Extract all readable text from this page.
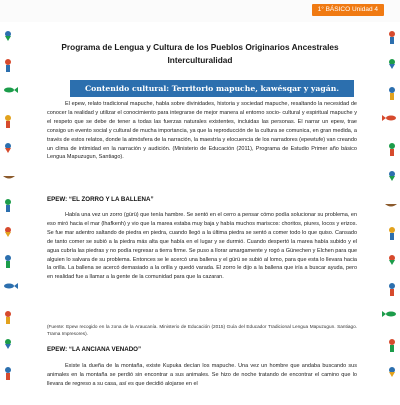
1° BÁSICO Unidad 4
Programa de Lengua y Cultura de los Pueblos Originarios Ancestrales
Interculturalidad
Contenido cultural: Territorio mapuche, kawésqar y yagán.
El epew, relato tradicional mapuche, habla sobre divinidades, historia y sociedad mapuche, resaltando la necesidad de conocer la realidad y utilizar el conocimiento para integrarse de mejor manera al entorno socio- cultural y espiritual mapuche y el respeto que se debe de tener a todas las fuerzas naturales existentes, incluidas las personas. El narrar un epew, trae consigo un evento social y cultural de mucha importancia, ya que la reproducción de la cultura se comunica, en gran medida, a través de estos relatos, donde la atmósfera de la narración, la maestría y elocuencia de los narradores (epewtufe) van creando un clima de intimidad en la narración y audición. (Ministerio de Educación (2011), Programa de Estudio Primer año básico Lengua Mapuzugun, Santiago).
EPEW: “EL ZORRO Y LA BALLENA”
Había una vez un zorro (gürü) que tenía hambre. Se sentó en el cerro a pensar cómo podía solucionar su problema, en eso miró hacia el mar (lhafkenh) y vio que la marea estaba muy baja y había muchos mariscos: choritos, piures, locos y erizos. Se fue mar adentro saltando de piedra en piedra, cuando llegó a la última piedra se sentó a comer todo lo que quiso. Cansado de tanto comer se subió a la piedra más alta que había en el lugar y se durmió. Cuando despertó la marea había subido y el agua cubría las piedras y no podía regresar a tierra firme. Se puso a llorar amargamente y rogó a Günechen y Elchen para que alguien lo salvara de su problema. Entonces se le acercó una ballena y el gürü se subió al lomo, para que esta lo llevara hacia la orilla. La ballena se acercó demasiado a la orilla y quedó varada. El zorro le dijo a la ballena que iría a buscar ayuda, pero en realidad fue a llamar a la gente de la comunidad para que la cazaran.
(Fuente: Epew recogido en la zona de la Araucanía. Ministerio de Educación (2015) Guía del Educador Tradicional Lengua Mapuzugun. Santiago. Trama Impresores).
EPEW: “LA ANCIANA VENADO”
Existe la dueña de la montaña, existe Kupuka decían los mapuche. Una vez un hombre que andaba buscando sus animales en la montaña se perdió sin encontrar a sus animales. Se hizo de noche tratando de encontrar el camino que lo llevara de regreso a su casa, así es que decidió alojarse en el
